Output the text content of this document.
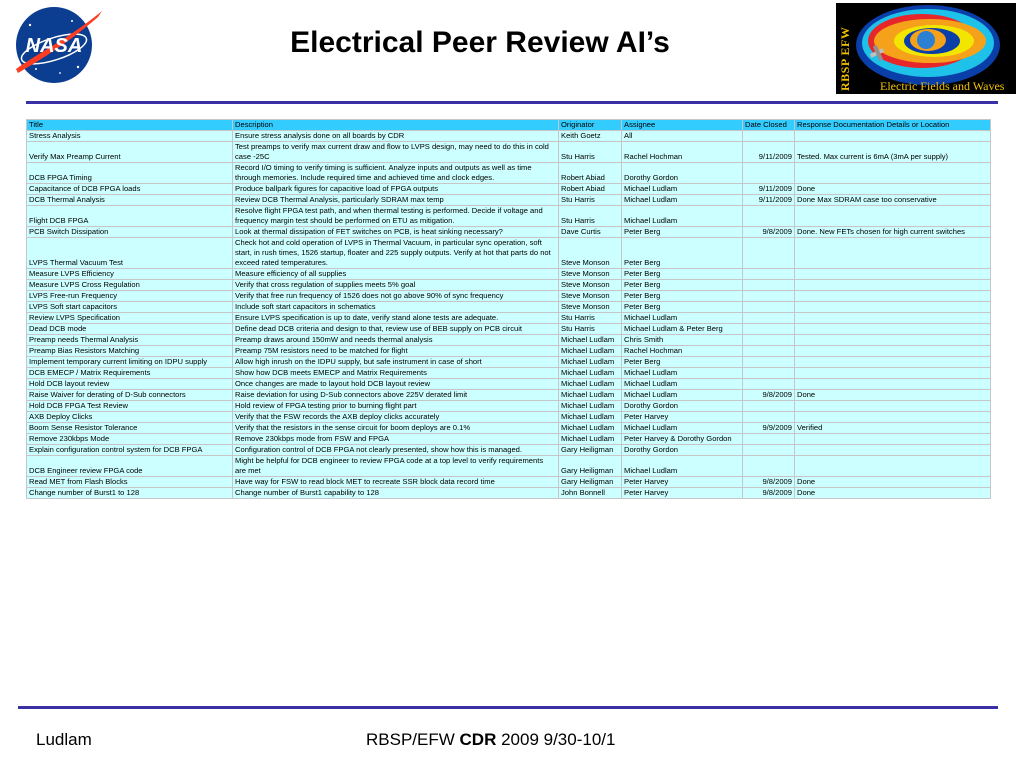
NASA	Electrical Peer Review AI’s	RBSP EFW Electric Fields and Waves
Title	Description	Originator	Assignee	Date Closed	Response Documentation Details or Location
Stress Analysis	Ensure stress analysis done on all boards by CDR	Keith Goetz	All		
Verify Max Preamp Current	Test preamps to verify max current draw and flow to LVPS design, may need to do this in cold case -25C	Stu Harris	Rachel Hochman	9/11/2009	Tested. Max current is 6mA (3mA per supply)
DCB FPGA Timing	Record I/O timing to verify timing is sufficient. Analyze inputs and outputs as well as time through memories. Include required time and achieved time and clock edges.	Robert Abiad	Dorothy Gordon		
Capacitance of DCB FPGA loads	Produce ballpark figures for capacitive load of FPGA outputs	Robert Abiad	Michael Ludlam	9/11/2009	Done
DCB Thermal Analysis	Review DCB Thermal Analysis, particularly SDRAM max temp	Stu Harris	Michael Ludlam	9/11/2009	Done Max SDRAM case too conservative
Flight DCB FPGA	Resolve flight FPGA test path, and when thermal testing is performed. Decide if voltage and frequency margin test should be performed on ETU as mitigation.	Stu Harris	Michael Ludlam		
PCB Switch Dissipation	Look at thermal dissipation of FET switches on PCB, is heat sinking necessary?	Dave Curtis	Peter Berg	9/8/2009	Done. New FETs chosen for high current switches
LVPS Thermal Vacuum Test	Check hot and cold operation of LVPS in Thermal Vacuum, in particular sync operation, soft start, in rush times, 1526 startup, floater and 225 supply outputs. Verify at hot that parts do not exceed rated temperatures.	Steve Monson	Peter Berg		
Measure LVPS Efficiency	Measure efficiency of all supplies	Steve Monson	Peter Berg		
Measure LVPS Cross Regulation	Verify that cross regulation of supplies meets 5% goal	Steve Monson	Peter Berg		
LVPS Free-run Frequency	Verify that free run frequency of 1526 does not go above 90% of sync frequency	Steve Monson	Peter Berg		
LVPS Soft start capacitors	Include soft start capacitors in schematics	Steve Monson	Peter Berg		
Review LVPS Specification	Ensure LVPS specification is up to date, verify stand alone tests are adequate.	Stu Harris	Michael Ludlam		
Dead DCB mode	Define dead DCB criteria and design to that, review use of BEB supply on PCB circuit	Stu Harris	Michael Ludlam & Peter Berg		
Preamp needs Thermal Analysis	Preamp draws around 150mW and needs thermal analysis	Michael Ludlam	Chris Smith		
Preamp Bias Resistors Matching	Preamp 75M resistors need to be matched for flight	Michael Ludlam	Rachel Hochman		
Implement temporary current limiting on IDPU supply	Allow high inrush on the IDPU supply, but safe instrument in case of short	Michael Ludlam	Peter Berg		
DCB EMECP / Matrix Requirements	Show how DCB meets EMECP and Matrix Requirements	Michael Ludlam	Michael Ludlam		
Hold DCB layout review	Once changes are made to layout hold DCB layout review	Michael Ludlam	Michael Ludlam		
Raise Waiver for derating of D-Sub connectors	Raise deviation for using D-Sub connectors above 225V derated limit	Michael Ludlam	Michael Ludlam	9/8/2009	Done
Hold DCB FPGA Test Review	Hold review of FPGA testing prior to burning flight part	Michael Ludlam	Dorothy Gordon		
AXB Deploy Clicks	Verify that the FSW records the AXB deploy clicks accurately	Michael Ludlam	Peter Harvey		
Boom Sense Resistor Tolerance	Verify that the resistors in the sense circuit for boom deploys are 0.1%	Michael Ludlam	Michael Ludlam	9/9/2009	Verified
Remove 230kbps Mode	Remove 230kbps mode from FSW and FPGA	Michael Ludlam	Peter Harvey & Dorothy Gordon		
Explain configuration control system for DCB FPGA	Configuration control of DCB FPGA not clearly presented, show how this is managed.	Gary Heiligman	Dorothy Gordon		
DCB Engineer review FPGA code	Might be helpful for DCB engineer to review FPGA code at a top level to verify requirements are met	Gary Heiligman	Michael Ludlam		
Read MET from Flash Blocks	Have way for FSW to read block MET to recreate SSR block data record time	Gary Heiligman	Peter Harvey	9/8/2009	Done
Change number of Burst1 to 128	Change number of Burst1 capability to 128	John Bonnell	Peter Harvey	9/8/2009	Done
Ludlam	RBSP/EFW CDR 2009 9/30-10/1
